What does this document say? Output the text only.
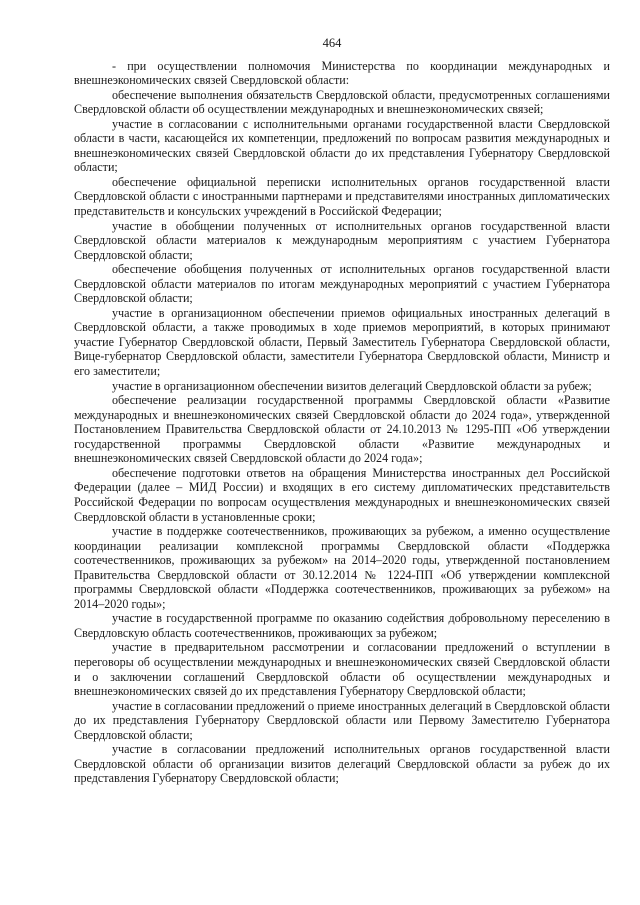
464

- при осуществлении полномочия Министерства по координации международных и внешнеэкономических связей Свердловской области:

обеспечение выполнения обязательств Свердловской области, предусмотренных соглашениями Свердловской области об осуществлении международных и внешнеэкономических связей;

участие в согласовании с исполнительными органами государственной власти Свердловской области в части, касающейся их компетенции, предложений по вопросам развития международных и внешнеэкономических связей Свердловской области до их представления Губернатору Свердловской области;

обеспечение официальной переписки исполнительных органов государственной власти Свердловской области с иностранными партнерами и представителями иностранных дипломатических представительств и консульских учреждений в Российской Федерации;

участие в обобщении полученных от исполнительных органов государственной власти Свердловской области материалов к международным мероприятиям с участием Губернатора Свердловской области;

обеспечение обобщения полученных от исполнительных органов государственной власти Свердловской области материалов по итогам международных мероприятий с участием Губернатора Свердловской области;

участие в организационном обеспечении приемов официальных иностранных делегаций в Свердловской области, а также проводимых в ходе приемов мероприятий, в которых принимают участие Губернатор Свердловской области, Первый Заместитель Губернатора Свердловской области, Вице-губернатор Свердловской области, заместители Губернатора Свердловской области, Министр и его заместители;

участие в организационном обеспечении визитов делегаций Свердловской области за рубеж;

обеспечение реализации государственной программы Свердловской области «Развитие международных и внешнеэкономических связей Свердловской области до 2024 года», утвержденной Постановлением Правительства Свердловской области от 24.10.2013 № 1295-ПП «Об утверждении государственной программы Свердловской области «Развитие международных и внешнеэкономических связей Свердловской области до 2024 года»;

обеспечение подготовки ответов на обращения Министерства иностранных дел Российской Федерации (далее – МИД России) и входящих в его систему дипломатических представительств Российской Федерации по вопросам осуществления международных и внешнеэкономических связей Свердловской области в установленные сроки;

участие в поддержке соотечественников, проживающих за рубежом, а именно осуществление координации реализации комплексной программы Свердловской области «Поддержка соотечественников, проживающих за рубежом» на 2014–2020 годы, утвержденной постановлением Правительства Свердловской области от 30.12.2014 № 1224-ПП «Об утверждении комплексной программы Свердловской области «Поддержка соотечественников, проживающих за рубежом» на 2014–2020 годы»;

участие в государственной программе по оказанию содействия добровольному переселению в Свердловскую область соотечественников, проживающих за рубежом;

участие в предварительном рассмотрении и согласовании предложений о вступлении в переговоры об осуществлении международных и внешнеэкономических связей Свердловской области и о заключении соглашений Свердловской области об осуществлении международных и внешнеэкономических связей до их представления Губернатору Свердловской области;

участие в согласовании предложений о приеме иностранных делегаций в Свердловской области до их представления Губернатору Свердловской области или Первому Заместителю Губернатора Свердловской области;

участие в согласовании предложений исполнительных органов государственной власти Свердловской области об организации визитов делегаций Свердловской области за рубеж до их представления Губернатору Свердловской области;
